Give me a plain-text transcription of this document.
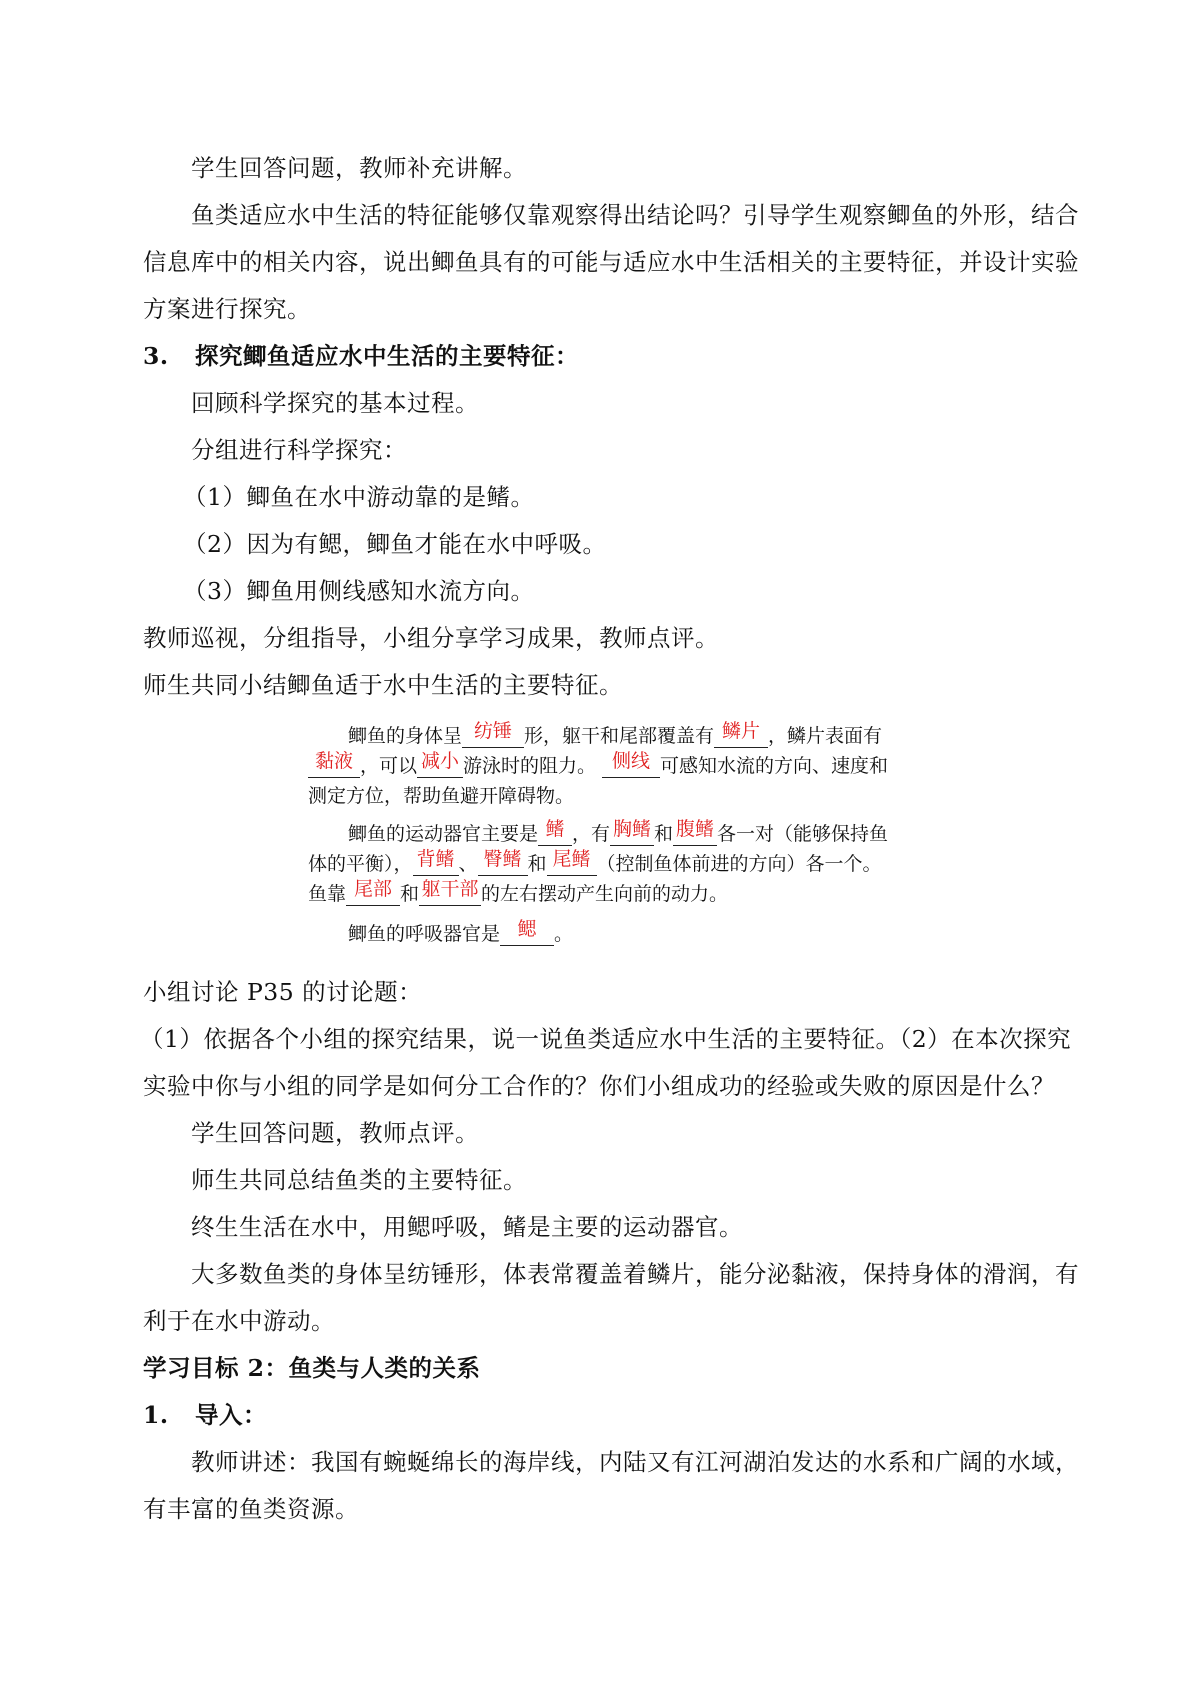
学生回答问题，教师补充讲解。
鱼类适应水中生活的特征能够仅靠观察得出结论吗？引导学生观察鲫鱼的外形，结合
信息库中的相关内容，说出鲫鱼具有的可能与适应水中生活相关的主要特征，并设计实验
方案进行探究。
3. 探究鲫鱼适应水中生活的主要特征：
回顾科学探究的基本过程。
分组进行科学探究：
（1）鲫鱼在水中游动靠的是鳍。
（2）因为有鳃，鲫鱼才能在水中呼吸。
（3）鲫鱼用侧线感知水流方向。
教师巡视，分组指导，小组分享学习成果，教师点评。
师生共同小结鲫鱼适于水中生活的主要特征。
鲫鱼的身体呈 纺锤 形，躯干和尾部覆盖有 鳞片 ，鳞片表面有
黏液 ，可以 减小 游泳时的阻力。 侧线 可感知水流的方向、速度和
测定方位，帮助鱼避开障碍物。
鲫鱼的运动器官主要是 鳍 ，有 胸鳍 和 腹鳍 各一对（能够保持鱼
体的平衡）， 背鳍 、 臀鳍 和 尾鳍 （控制鱼体前进的方向）各一个。
鱼靠 尾部 和 躯干部 的左右摆动产生向前的动力。
鲫鱼的呼吸器官是 鳃 。
小组讨论 P35 的讨论题：
（1）依据各个小组的探究结果，说一说鱼类适应水中生活的主要特征。（2）在本次探究
实验中你与小组的同学是如何分工合作的？你们小组成功的经验或失败的原因是什么？
学生回答问题，教师点评。
师生共同总结鱼类的主要特征。
终生生活在水中，用鳃呼吸，鳍是主要的运动器官。
大多数鱼类的身体呈纺锤形，体表常覆盖着鳞片，能分泌黏液，保持身体的滑润，有
利于在水中游动。
学习目标 2：鱼类与人类的关系
1. 导入：
教师讲述：我国有蜿蜒绵长的海岸线，内陆又有江河湖泊发达的水系和广阔的水域，
有丰富的鱼类资源。
